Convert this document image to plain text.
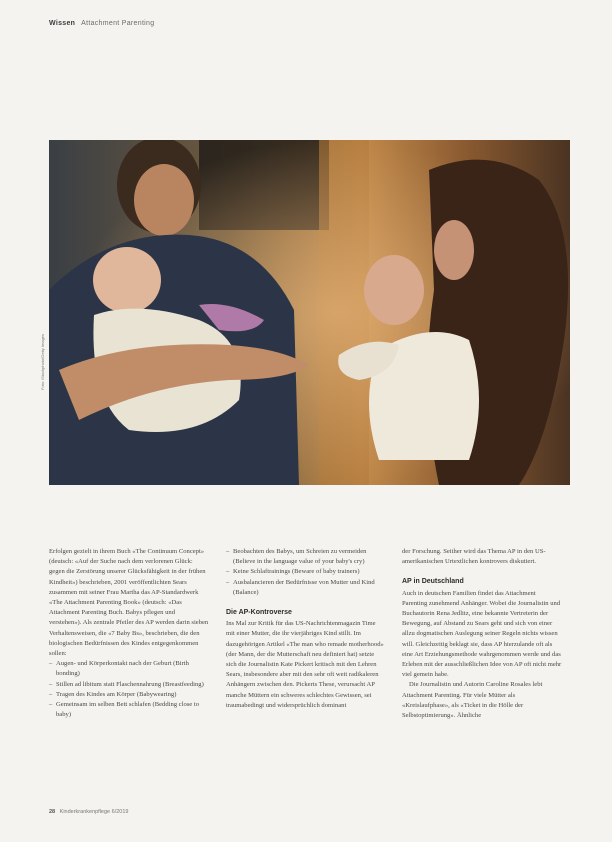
Wissen Attachment Parenting
Foto: iStockphoto/Getty Images

Erfolgen gezielt in ihrem Buch «The Continuum Concept» (deutsch: «Auf der Suche nach dem verlorenen Glück: gegen die Zerstörung unserer Glücksfähigkeit in der frühen Kindheit») beschrieben, 2001 veröffentlichten Sears zusammen mit seiner Frau Martha das AP-Standardwerk «The Attachment Parenting Book» (deutsch: «Das Attachment Parenting Buch. Babys pflegen und verstehen»). Als zentrale Pfeiler des AP werden darin sieben Verhaltensweisen, die «7 Baby Bs», beschrieben, die den biologischen Bedürfnissen des Kindes entgegenkommen sollen:

– Augen- und Körperkontakt nach der Geburt (Birth bonding)
– Stillen ad libitum statt Flaschennahrung (Breastfeeding)
– Tragen des Kindes am Körper (Babywearing)
– Gemeinsam im selben Bett schlafen (Bedding close to baby)
– Beobachten des Babys, um Schreien zu vermeiden (Believe in the language value of your baby's cry)
– Keine Schlaftrainings (Beware of baby trainers)
– Ausbalancieren der Bedürfnisse von Mutter und Kind (Balance)
Die AP-Kontroverse

Ins Mal zur Kritik für das US-Nachrichtenmagazin Time mit einer Mutter, die ihr vierjähriges Kind stillt. Im dazugehörigen Artikel «The man who remade motherhood» (der Mann, der die Mutterschaft neu definiert hat) setzte sich die Journalistin Kate Pickert kritisch mit den Lehren Sears, insbesondere aber mit den sehr oft weit radikaleren Anhängern zwischen den. Pickerts These, verursacht AP manche Müttern ein schweres schlechtes Gewissen, sei traumabedingt und widersprüchlich dominant

der Forschung. Seither wird das Thema AP in den US-amerikanischen Urtextlichen kontrovers diskutiert.

AP in Deutschland

Auch in deutschen Familien findet das Attachment Parenting zunehmend Anhänger. Wobei die Journalistin und Buchautorin Rena Jedlitz, eine bekannte Vertreterin der Bewegung, auf Abstand zu Sears geht und sich von einer allzu dogmatischen Auslegung seiner Regeln nichts wissen will. Gleichzeitig beklagt sie, dass AP hierzulande oft als eine Art Erziehungsmethode wahrgenommen werde und das Erleben mit der ausschließlichen Idee von AP oft nicht mehr viel gemein habe.

Die Journalistin und Autorin Caroline Rosales lebt Attachment Parenting. Für viele Mütter als «Kreislaufphase», als «Ticket in die Hölle der Selbstoptimierung». Ähnliche

28 Kinderkrankenpflege 6/2019
